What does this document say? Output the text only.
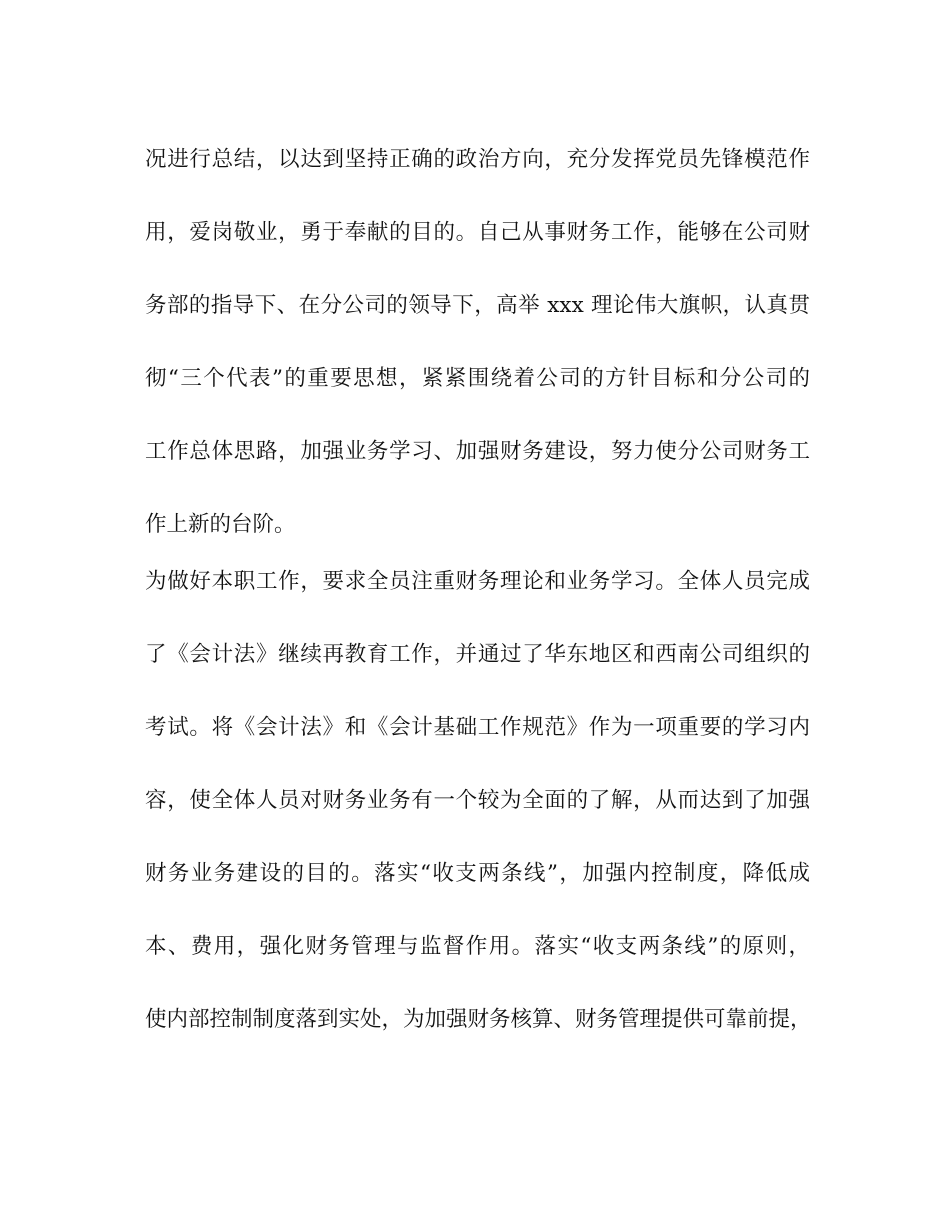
况进行总结，以达到坚持正确的政治方向，充分发挥党员先锋模范作
用，爱岗敬业，勇于奉献的目的。自己从事财务工作，能够在公司财
务部的指导下、在分公司的领导下，高举 xxx 理论伟大旗帜，认真贯
彻“三个代表”的重要思想，紧紧围绕着公司的方针目标和分公司的
工作总体思路，加强业务学习、加强财务建设，努力使分公司财务工
作上新的台阶。
为做好本职工作，要求全员注重财务理论和业务学习。全体人员完成
了《会计法》继续再教育工作，并通过了华东地区和西南公司组织的
考试。将《会计法》和《会计基础工作规范》作为一项重要的学习内
容，使全体人员对财务业务有一个较为全面的了解，从而达到了加强
财务业务建设的目的。落实“收支两条线”，加强内控制度，降低成
本、费用，强化财务管理与监督作用。落实“收支两条线”的原则，
使内部控制制度落到实处，为加强财务核算、财务管理提供可靠前提，
